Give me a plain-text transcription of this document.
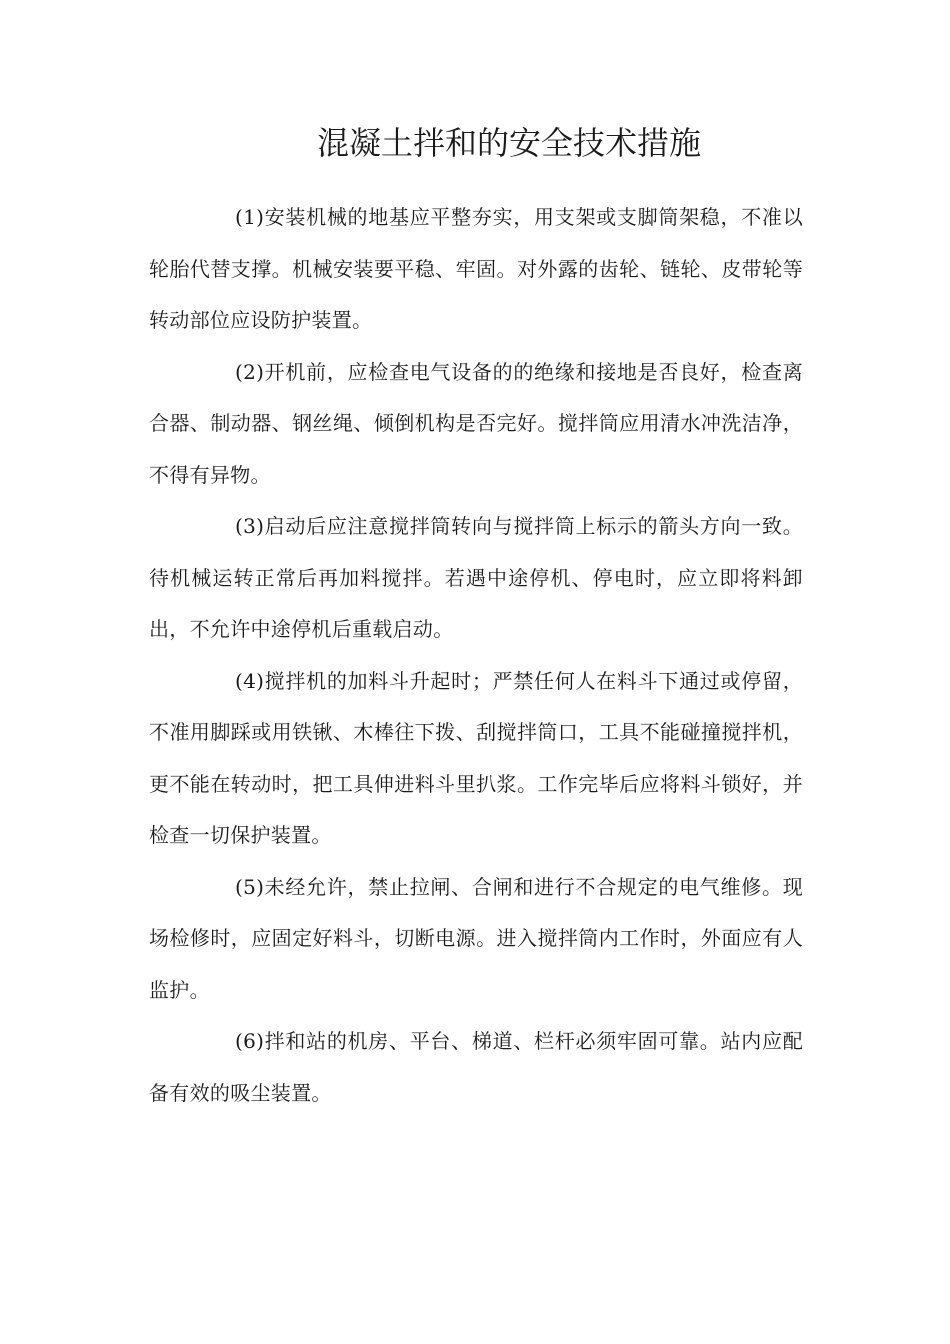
混凝土拌和的安全技术措施

(1)安装机械的地基应平整夯实，用支架或支脚筒架稳，不准以轮胎代替支撑。机械安装要平稳、牢固。对外露的齿轮、链轮、皮带轮等转动部位应设防护装置。

(2)开机前，应检查电气设备的的绝缘和接地是否良好，检查离合器、制动器、钢丝绳、倾倒机构是否完好。搅拌筒应用清水冲洗洁净，不得有异物。

(3)启动后应注意搅拌筒转向与搅拌筒上标示的箭头方向一致。待机械运转正常后再加料搅拌。若遇中途停机、停电时，应立即将料卸出，不允许中途停机后重载启动。

(4)搅拌机的加料斗升起时；严禁任何人在料斗下通过或停留，不准用脚踩或用铁锹、木棒往下拨、刮搅拌筒口，工具不能碰撞搅拌机，更不能在转动时，把工具伸进料斗里扒浆。工作完毕后应将料斗锁好，并检查一切保护装置。

(5)未经允许，禁止拉闸、合闸和进行不合规定的电气维修。现场检修时，应固定好料斗，切断电源。进入搅拌筒内工作时，外面应有人监护。

(6)拌和站的机房、平台、梯道、栏杆必须牢固可靠。站内应配备有效的吸尘装置。
